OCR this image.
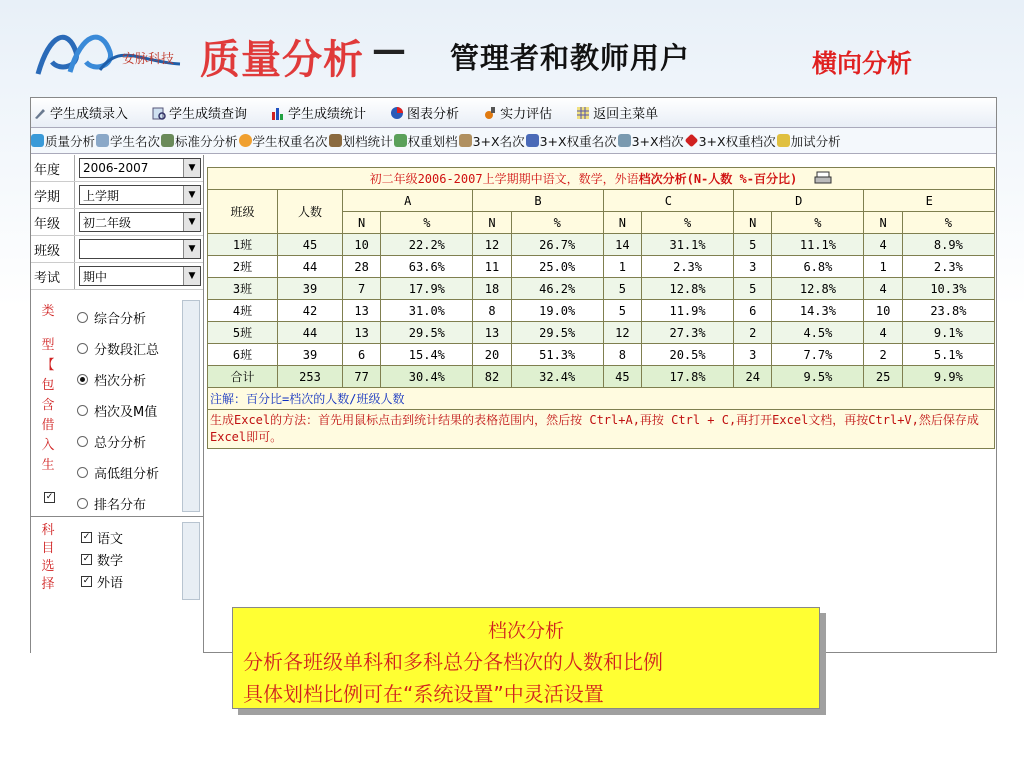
安脉科技 质量分析 — 管理者和教师用户	横向分析
学生成绩录入	学生成绩查询	学生成绩统计	图表分析	实力评估	返回主菜单
质量分析 学生名次 标准分分析 学生权重名次 划档统计 权重划档 3+X名次 3+X权重名次 3+X档次 3+X权重档次 加试分析
年度	2006-2007	▼
学期	上学期	▼
年级	初二年级	▼
班级	▼
考试	期中	▼
类
型
【
包
含
借
入
生
✓
综合分析
分数段汇总
档次分析
档次及M值
总分分析
高低组分析
排名分布
科
目
选
择
✓ 语文
✓ 数学
✓ 外语
初二年级2006-2007上学期期中语文，数学，外语档次分析(N-人数 %-百分比)											
班级	人数	A		B		C		D		E	
		N	%	N	%	N	%	N	%	N	%
1班	45	10	22.2%	12	26.7%	14	31.1%	5	11.1%	4	8.9%
2班	44	28	63.6%	11	25.0%	1	2.3%	3	6.8%	1	2.3%
3班	39	7	17.9%	18	46.2%	5	12.8%	5	12.8%	4	10.3%
4班	42	13	31.0%	8	19.0%	5	11.9%	6	14.3%	10	23.8%
5班	44	13	29.5%	13	29.5%	12	27.3%	2	4.5%	4	9.1%
6班	39	6	15.4%	20	51.3%	8	20.5%	3	7.7%	2	5.1%
合计	253	77	30.4%	82	32.4%	45	17.8%	24	9.5%	25	9.9%
注解：百分比=档次的人数/班级人数											
生成Excel的方法：首先用鼠标点击到统计结果的表格范围内，然后按 Ctrl+A,再按 Ctrl + C,再打开Excel文档，再按Ctrl+V,然后保存成Excel即可。											
档次分析
分析各班级单科和多科总分各档次的人数和比例
具体划档比例可在“系统设置”中灵活设置
